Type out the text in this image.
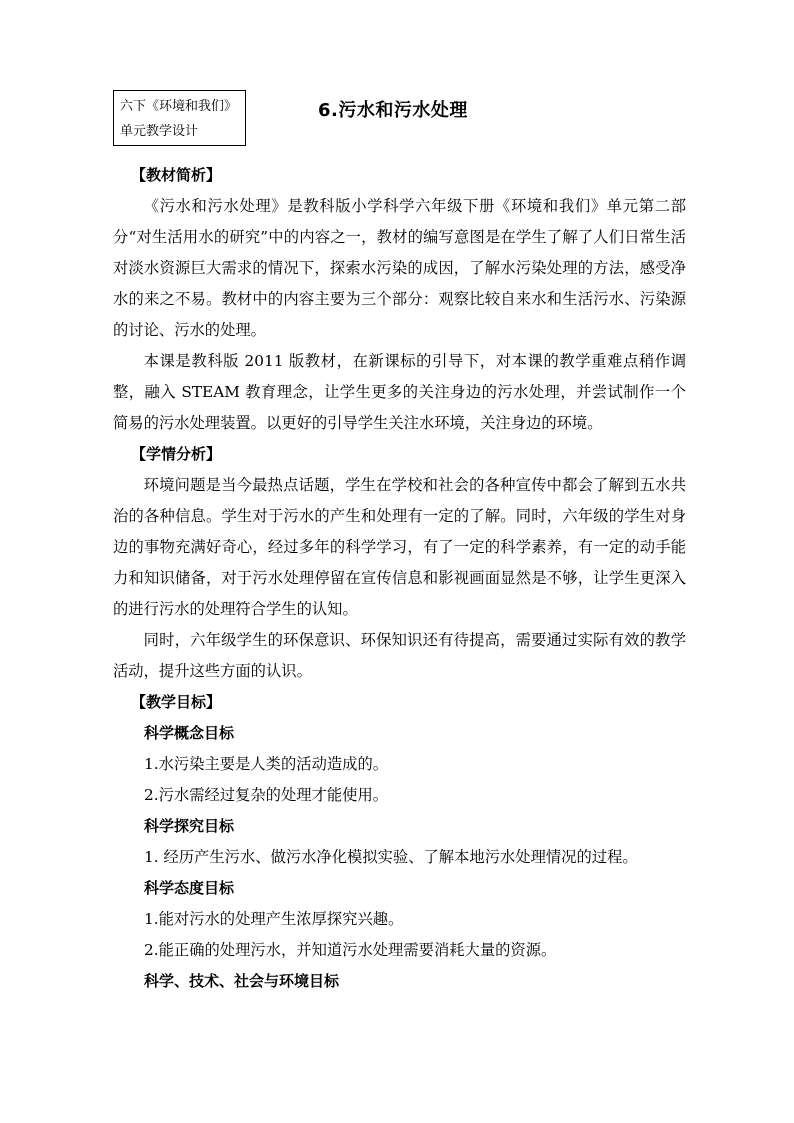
六下《环境和我们》
单元教学设计
6.污水和污水处理

【教材简析】

《污水和污水处理》是教科版小学科学六年级下册《环境和我们》单元第二部分“对生活用水的研究”中的内容之一，教材的编写意图是在学生了解了人们日常生活对淡水资源巨大需求的情况下，探索水污染的成因，了解水污染处理的方法，感受净水的来之不易。教材中的内容主要为三个部分：观察比较自来水和生活污水、污染源的讨论、污水的处理。

本课是教科版 2011 版教材，在新课标的引导下，对本课的教学重难点稍作调整，融入 STEAM 教育理念，让学生更多的关注身边的污水处理，并尝试制作一个简易的污水处理装置。以更好的引导学生关注水环境，关注身边的环境。

【学情分析】

环境问题是当今最热点话题，学生在学校和社会的各种宣传中都会了解到五水共治的各种信息。学生对于污水的产生和处理有一定的了解。同时，六年级的学生对身边的事物充满好奇心，经过多年的科学学习，有了一定的科学素养，有一定的动手能力和知识储备，对于污水处理停留在宣传信息和影视画面显然是不够，让学生更深入的进行污水的处理符合学生的认知。

同时，六年级学生的环保意识、环保知识还有待提高，需要通过实际有效的教学活动，提升这些方面的认识。

【教学目标】

科学概念目标

1.水污染主要是人类的活动造成的。

2.污水需经过复杂的处理才能使用。

科学探究目标

1. 经历产生污水、做污水净化模拟实验、了解本地污水处理情况的过程。

科学态度目标

1.能对污水的处理产生浓厚探究兴趣。

2.能正确的处理污水，并知道污水处理需要消耗大量的资源。

科学、技术、社会与环境目标
